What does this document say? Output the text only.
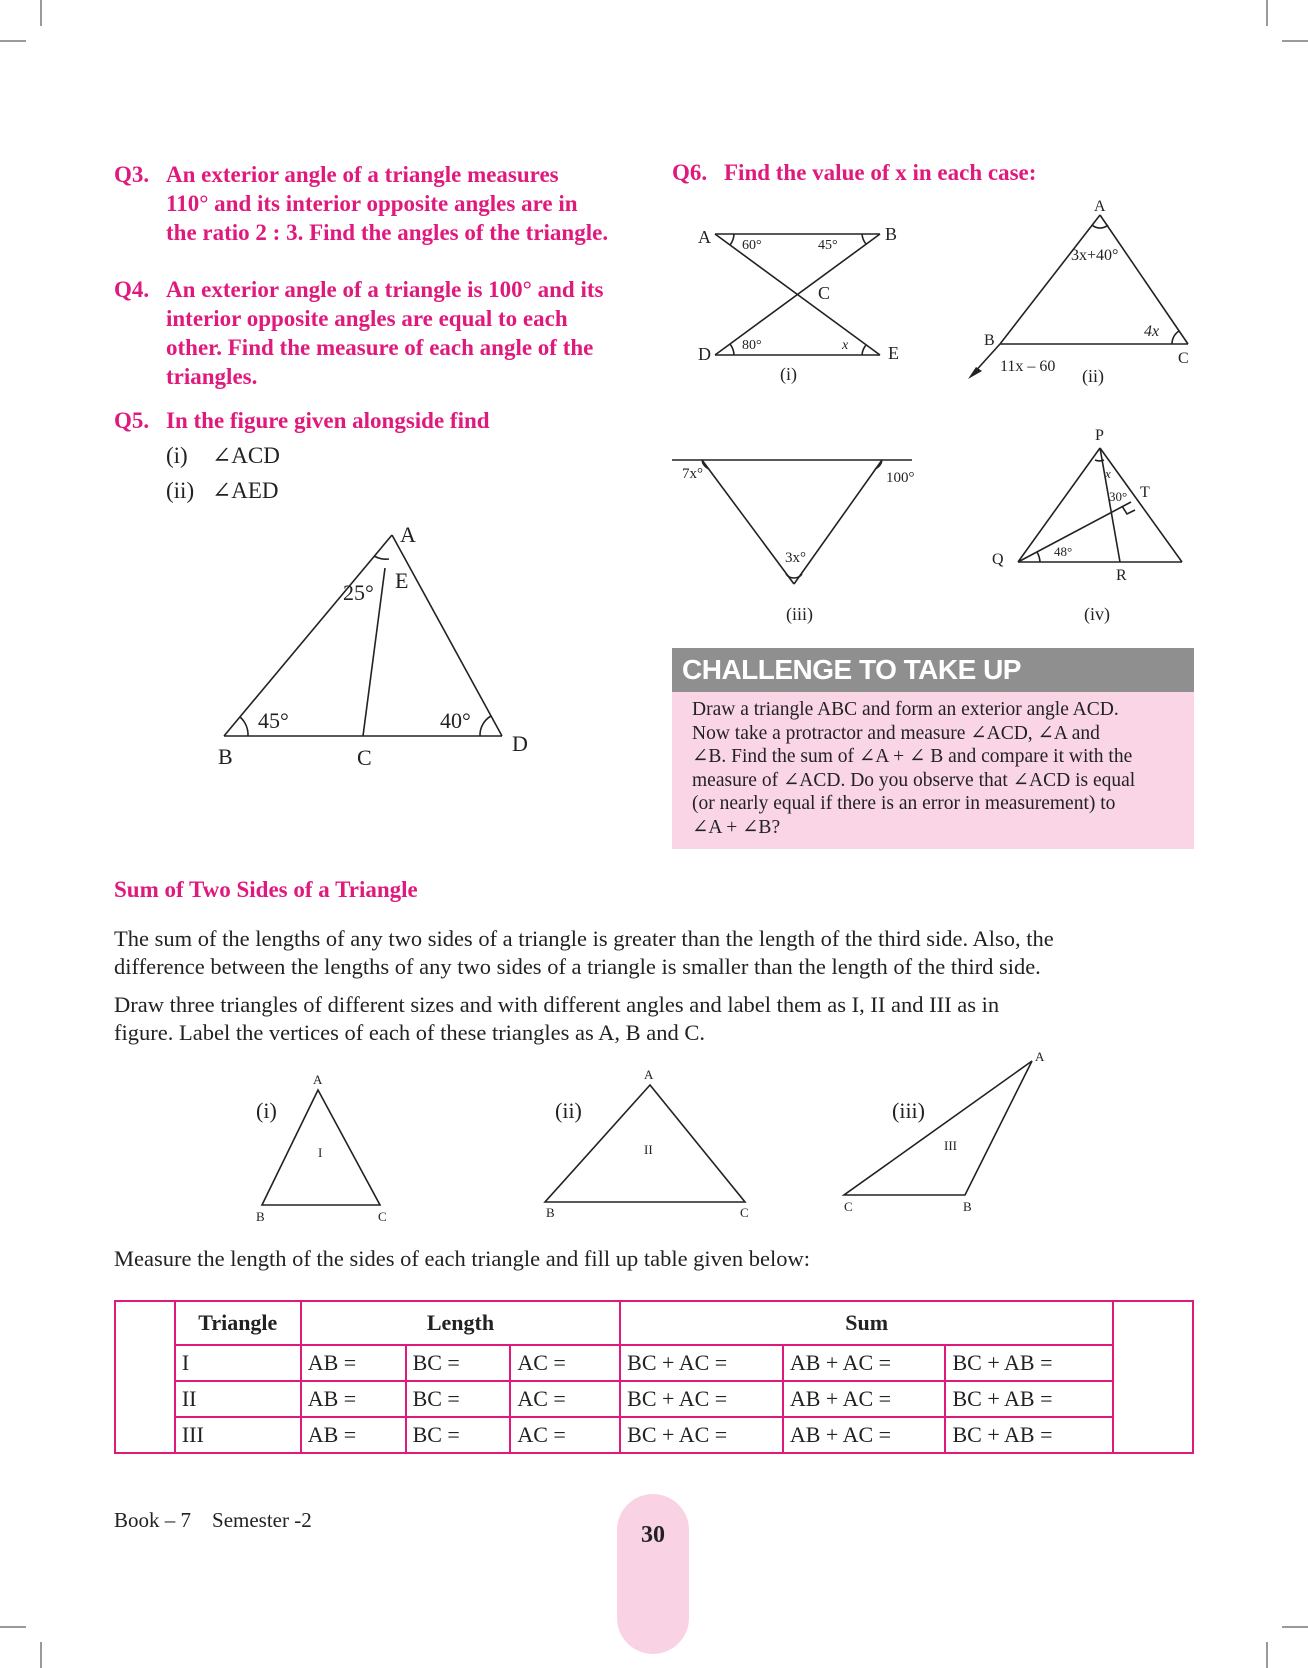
Q3. An exterior angle of a triangle measures
110° and its interior opposite angles are in
the ratio 2 : 3. Find the angles of the triangle.
Q4. An exterior angle of a triangle is 100° and its
interior opposite angles are equal to each
other. Find the measure of each angle of the
triangles.
Q5. In the figure given alongside find
(i) ∠ACD
(ii) ∠AED
A
E
25°
45°	40°
B	C
D
Q6. Find the value of x in each case:
A	B
C
D	E
(i)
60°	45°
80°	x
A
B
C
3x+40°
4x
11x – 60 (ii)
7x°	100°
3x°
(iii)
P
Q
R
T
x
30°
48°
(iv)
CHALLENGE TO TAKE UP
Draw a triangle ABC and form an exterior angle ACD.
Now take a protractor and measure ∠ACD, ∠A and
∠B. Find the sum of ∠A + ∠ B and compare it with the
measure of ∠ACD. Do you observe that ∠ACD is equal
(or nearly equal if there is an error in measurement) to
∠A + ∠B?
Sum of Two Sides of a Triangle
The sum of the lengths of any two sides of a triangle is greater than the length of the third side. Also, the
difference between the lengths of any two sides of a triangle is smaller than the length of the third side.
Draw three triangles of different sizes and with different angles and label them as I, II and III as in
figure. Label the vertices of each of these triangles as A, B and C.
(i)	(ii)	(iii)
A
B	C
I
A
B	C
II
A
B
C
III
Measure the length of the sides of each triangle and fill up table given below:
	Triangle	Length			Sum			
	I	AB =	BC =	AC =	BC + AC =	AB + AC =	BC + AB =	
	II	AB =	BC =	AC =	BC + AC =	AB + AC =	BC + AB =	
	III	AB =	BC =	AC =	BC + AC =	AB + AC =	BC + AB =	
Book – 7 Semester -2
30
